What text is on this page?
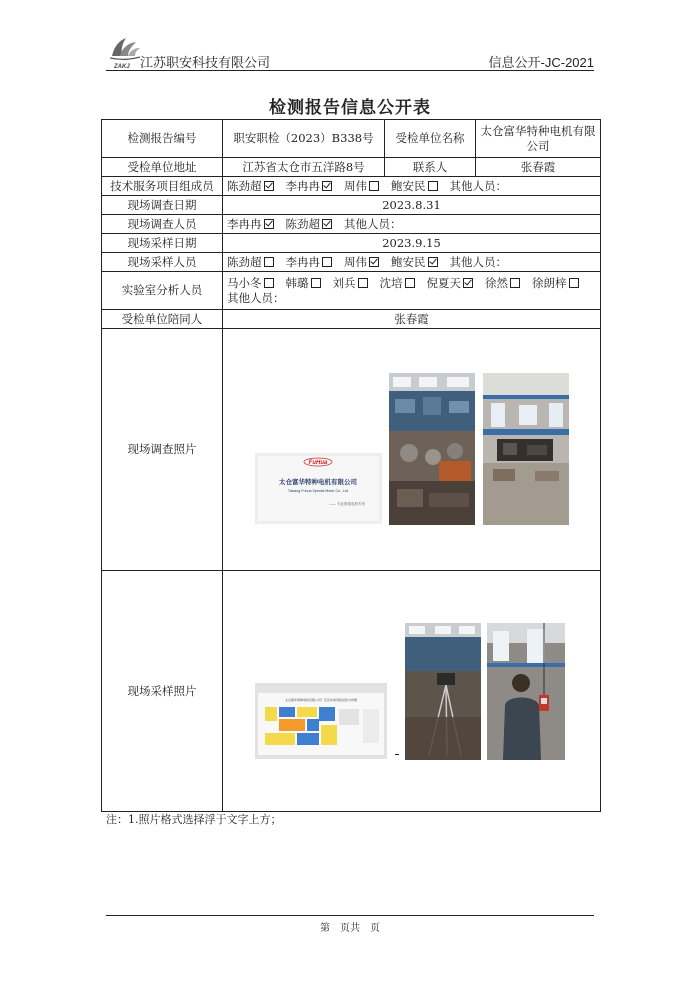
ZAKJ 江苏职安科技有限公司	信息公开-JC-2021
检测报告信息公开表
检测报告编号	职安职检（2023）B338号	受检单位名称	太仓富华特种电机有限公司
受检单位地址	江苏省太仓市五洋路8号	联系人	张春霞
技术服务项目组成员	陈劲超 李冉冉 周伟 鲍安民 其他人员：		
现场调查日期	2023.8.31		
现场调查人员	李冉冉 陈劲超 其他人员：		
现场采样日期	2023.9.15		
现场采样人员	陈劲超 李冉冉 周伟 鲍安民 其他人员：		
实验室分析人员	马小冬 韩璐 刘兵 沈培 倪夏天 徐然 徐朗梓
其他人员：		
受检单位陪同人	张春霞		
现场调查照片	FuHua
太仓富华特种电机有限公司
Taicang Fuhua Special Motor Co., Ltd
—— 专业制造电机专家		

现场采样照片	太仓富华特种电机有限公司厂区及车间风险四色分布图		
注：1.照片格式选择浮于文字上方；
第　页共　页
